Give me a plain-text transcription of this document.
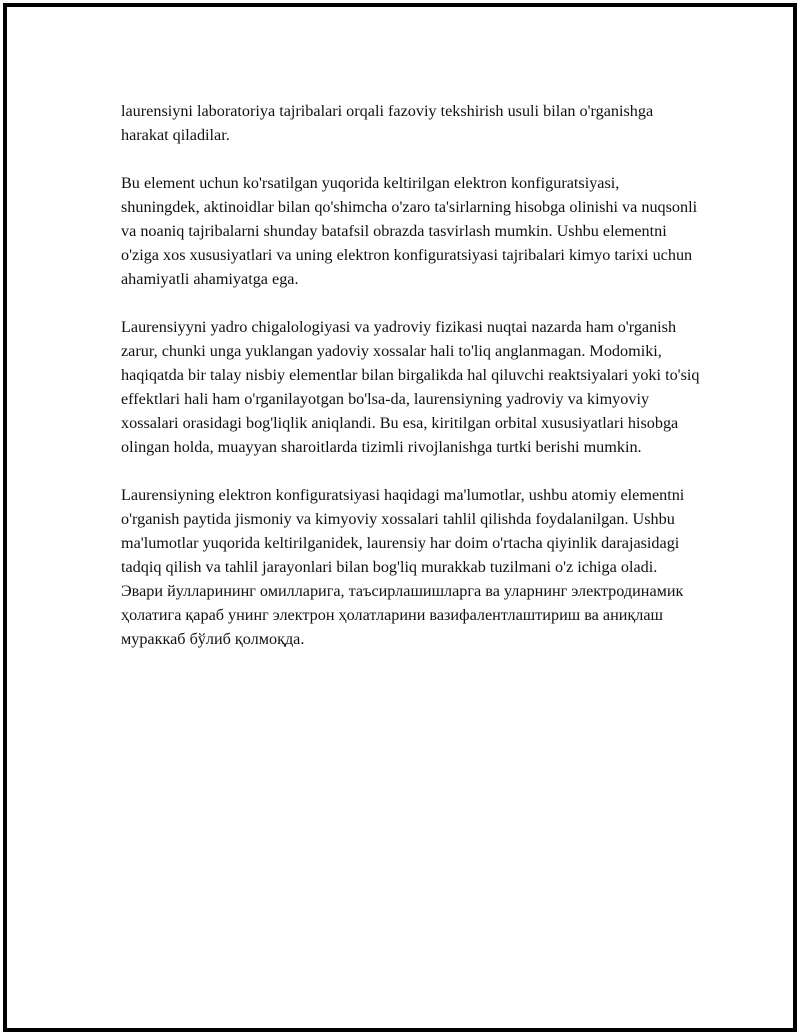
laurensiyni laboratoriya tajribalari orqali fazoviy tekshirish usuli bilan o'rganishga harakat qiladilar.

Bu element uchun ko'rsatilgan yuqorida keltirilgan elektron konfiguratsiyasi, shuningdek, aktinoidlar bilan qo'shimcha o'zaro ta'sirlarning hisobga olinishi va nuqsonli va noaniq tajribalarni shunday batafsil obrazda tasvirlash mumkin. Ushbu elementni o'ziga xos xususiyatlari va uning elektron konfiguratsiyasi tajribalari kimyo tarixi uchun ahamiyatli ahamiyatga ega.

Laurensiyyni yadro chigalologiyasi va yadroviy fizikasi nuqtai nazarda ham o'rganish zarur, chunki unga yuklangan yadoviy xossalar hali to'liq anglanmagan. Modomiki, haqiqatda bir talay nisbiy elementlar bilan birgalikda hal qiluvchi reaktsiyalari yoki to'siq effektlari hali ham o'rganilayotgan bo'lsa-da, laurensiyning yadroviy va kimyoviy xossalari orasidagi bog'liqlik aniqlandi. Bu esa, kiritilgan orbital xususiyatlari hisobga olingan holda, muayyan sharoitlarda tizimli rivojlanishga turtki berishi mumkin.

Laurensiyning elektron konfiguratsiyasi haqidagi ma'lumotlar, ushbu atomiy elementni o'rganish paytida jismoniy va kimyoviy xossalari tahlil qilishda foydalanilgan. Ushbu ma'lumotlar yuqorida keltirilganidek, laurensiy har doim o'rtacha qiyinlik darajasidagi tadqiq qilish va tahlil jarayonlari bilan bog'liq murakkab tuzilmani o'z ichiga oladi. Эвари йулларининг омилларига, таъсирлашишларга ва уларнинг электродинамик ҳолатига қараб унинг электрон ҳолатларини вазифалентлаштириш ва аниқлаш мураккаб бўлиб қолмоқда.
